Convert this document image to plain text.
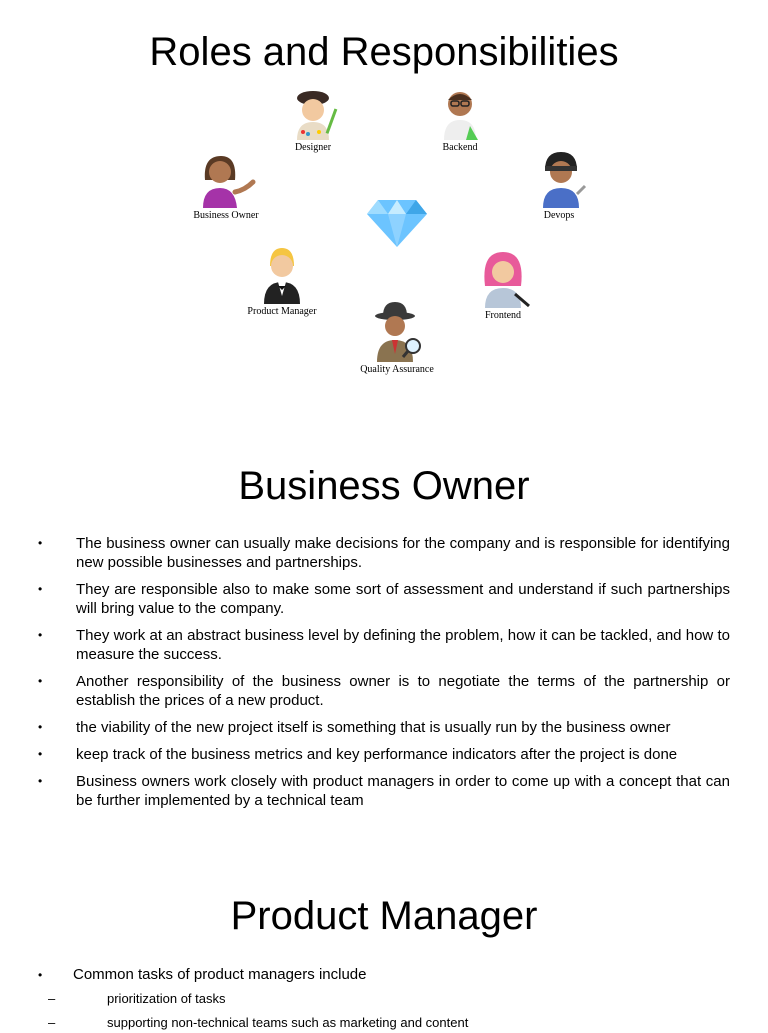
Roles and Responsibilities
Designer	Backend
Business Owner	Devops
Product Manager	Frontend
Quality Assurance
Business Owner
• The business owner can usually make decisions for the company and is responsible for identifying new possible businesses and partnerships.
• They are responsible also to make some sort of assessment and understand if such partnerships will bring value to the company.
• They work at an abstract business level by defining the problem, how it can be tackled, and how to measure the success.
• Another responsibility of the business owner is to negotiate the terms of the partnership or establish the prices of a new product.
• the viability of the new project itself is something that is usually run by the business owner
• keep track of the business metrics and key performance indicators after the project is done
• Business owners work closely with product managers in order to come up with a concept that can be further implemented by a technical team
Product Manager
• Common tasks of product managers include
–	prioritization of tasks
–	supporting non-technical teams such as marketing and content
